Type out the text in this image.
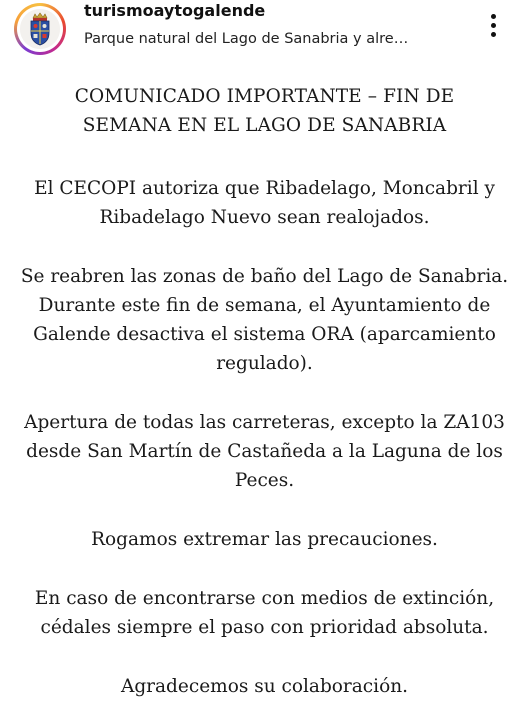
turismoaytogalende
Parque natural del Lago de Sanabria y alre…
COMUNICADO IMPORTANTE – FIN DE
SEMANA EN EL LAGO DE SANABRIA
El CECOPI autoriza que Ribadelago, Moncabril y
Ribadelago Nuevo sean realojados.
Se reabren las zonas de baño del Lago de Sanabria.
Durante este fin de semana, el Ayuntamiento de
Galende desactiva el sistema ORA (aparcamiento
regulado).
Apertura de todas las carreteras, excepto la ZA103
desde San Martín de Castañeda a la Laguna de los
Peces.
Rogamos extremar las precauciones.
En caso de encontrarse con medios de extinción,
cédales siempre el paso con prioridad absoluta.
Agradecemos su colaboración.
